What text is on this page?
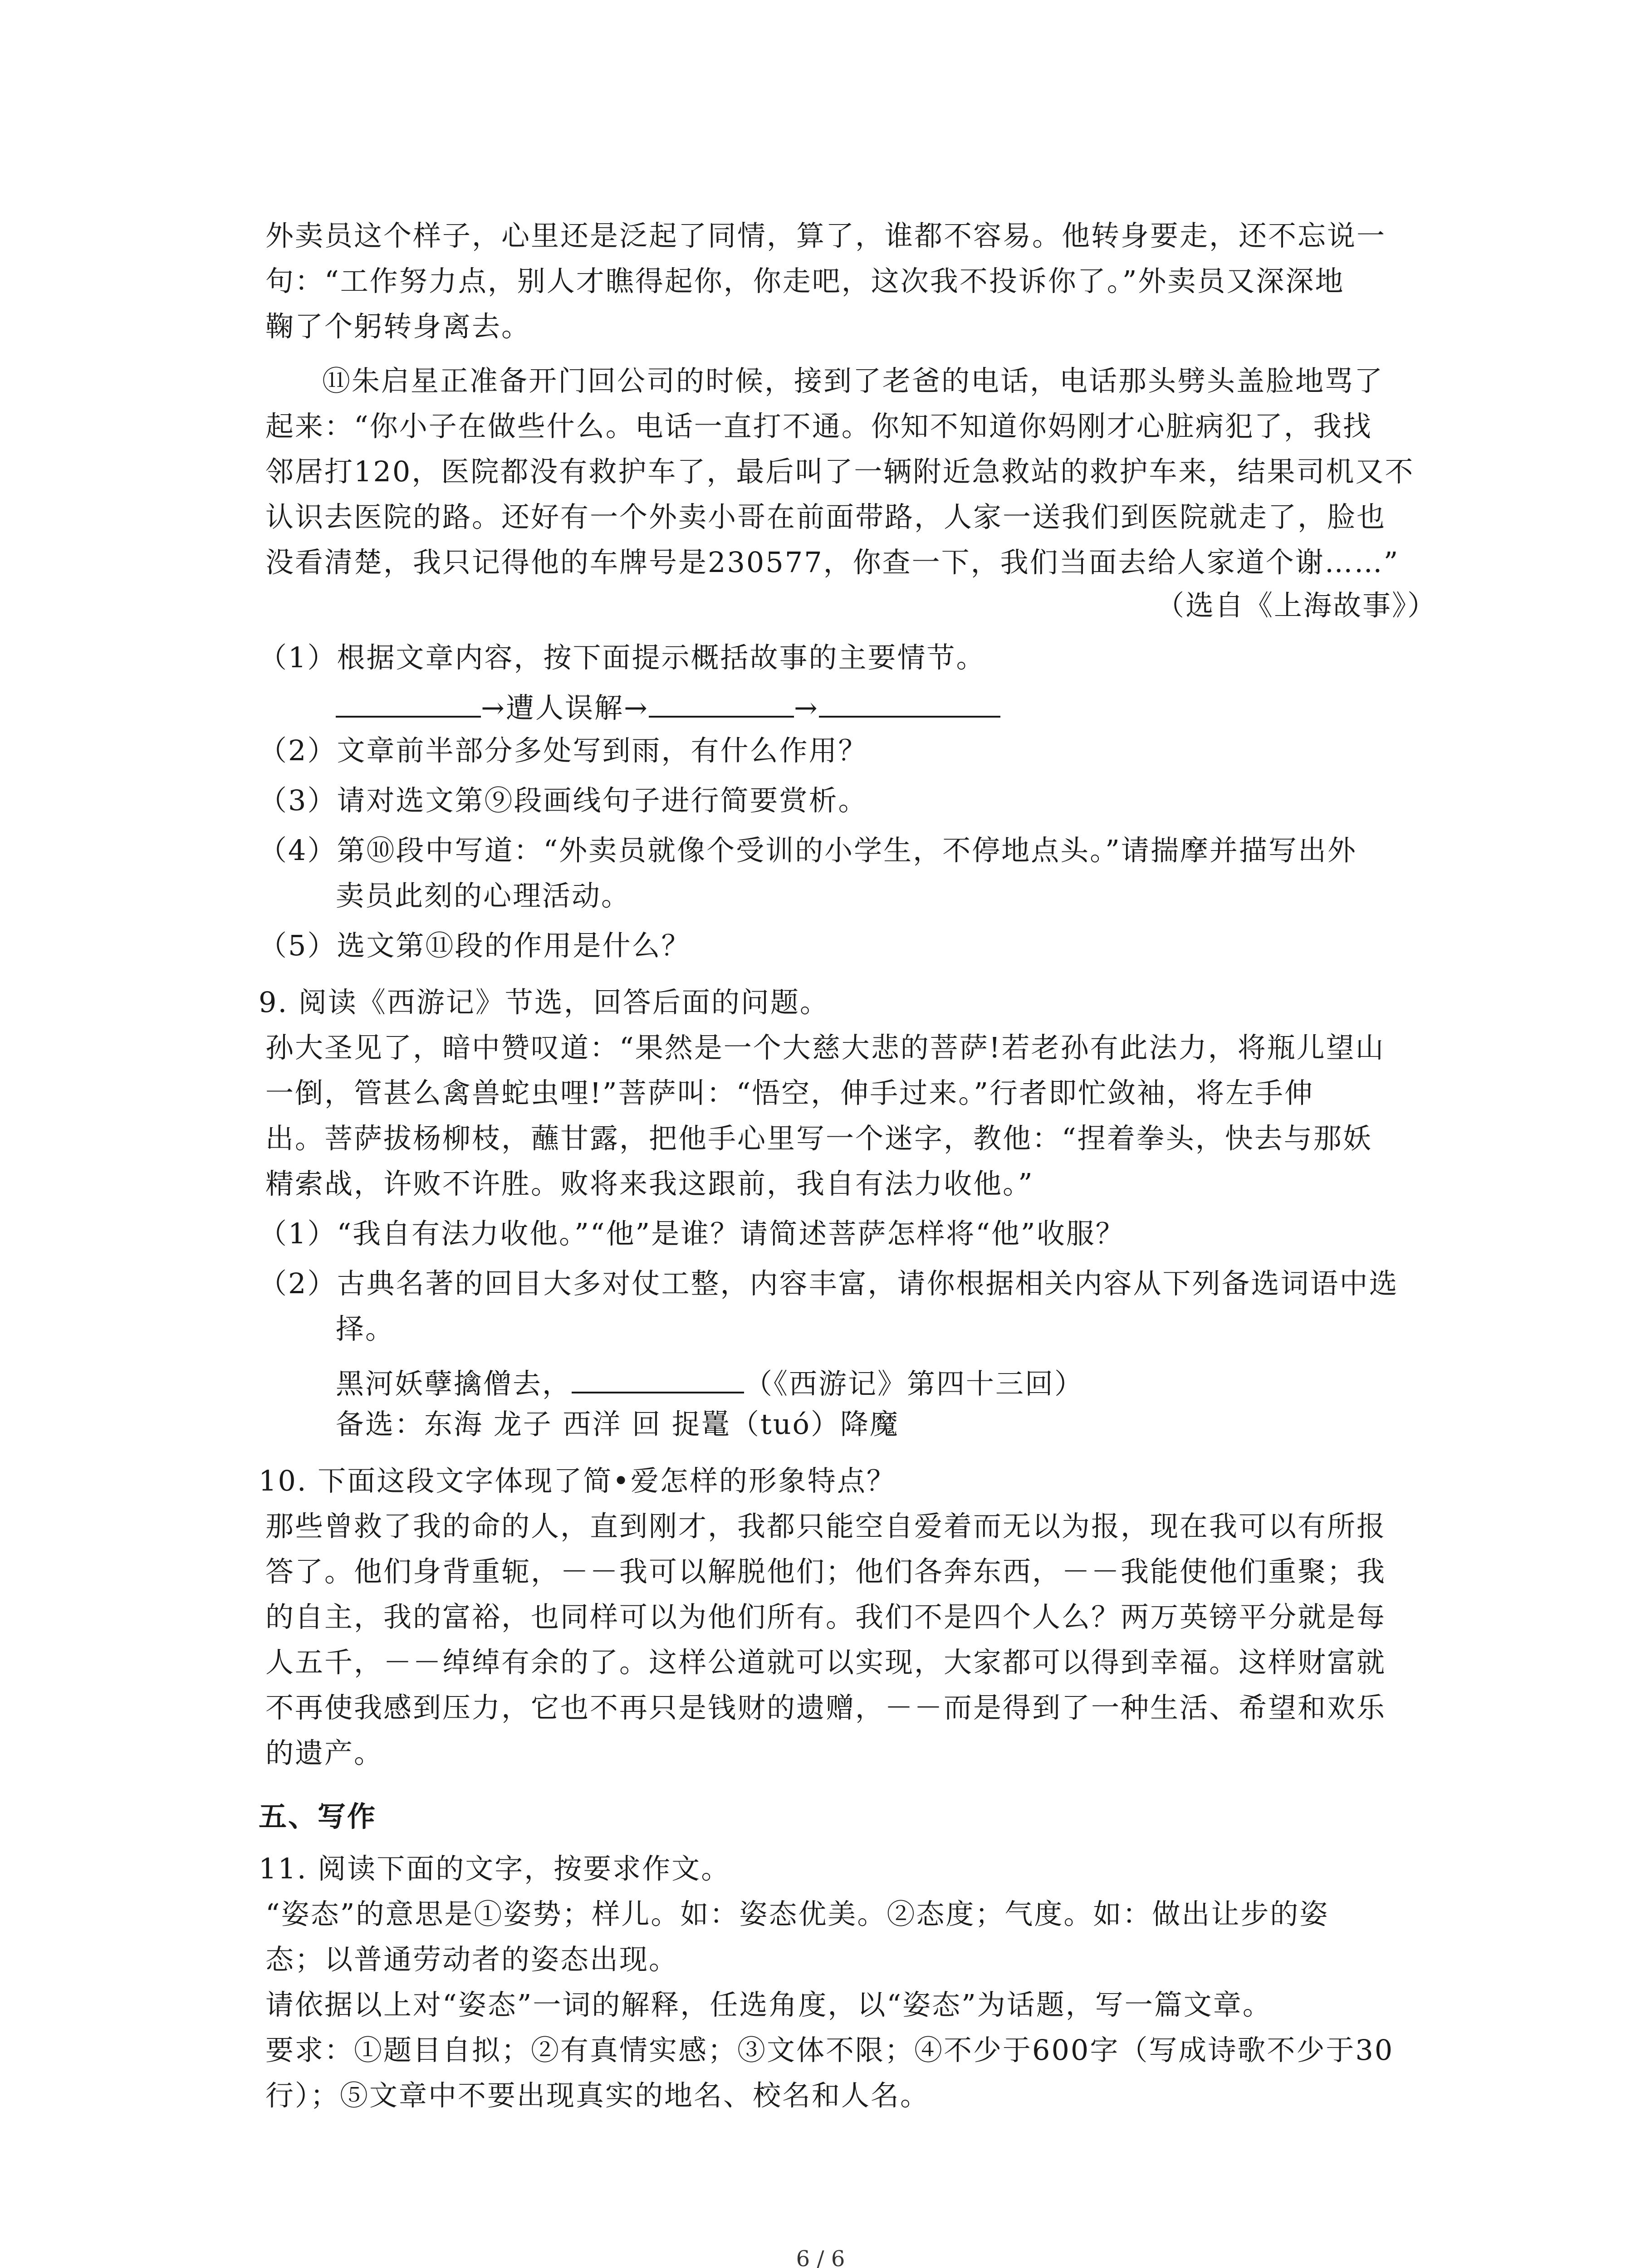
外卖员这个样子，心里还是泛起了同情，算了，谁都不容易。他转身要走，还不忘说一
句：“工作努力点，别人才瞧得起你，你走吧，这次我不投诉你了。”外卖员又深深地
鞠了个躬转身离去。
⑪朱启星正准备开门回公司的时候，接到了老爸的电话，电话那头劈头盖脸地骂了
起来：“你小子在做些什么。电话一直打不通。你知不知道你妈刚才心脏病犯了，我找
邻居打120，医院都没有救护车了，最后叫了一辆附近急救站的救护车来，结果司机又不
认识去医院的路。还好有一个外卖小哥在前面带路，人家一送我们到医院就走了，脸也
没看清楚，我只记得他的车牌号是230577，你查一下，我们当面去给人家道个谢……”
（选自《上海故事》）
（1）根据文章内容，按下面提示概括故事的主要情节。
→遭人误解→	→
（2）文章前半部分多处写到雨，有什么作用？
（3）请对选文第⑨段画线句子进行简要赏析。
（4）第⑩段中写道：“外卖员就像个受训的小学生，不停地点头。”请揣摩并描写出外
卖员此刻的心理活动。
（5）选文第⑪段的作用是什么？
9. 阅读《西游记》节选，回答后面的问题。
孙大圣见了，暗中赞叹道：“果然是一个大慈大悲的菩萨!若老孙有此法力，将瓶儿望山
一倒，管甚么禽兽蛇虫哩!”菩萨叫：“悟空，伸手过来。”行者即忙敛袖，将左手伸
出。菩萨拔杨柳枝，蘸甘露，把他手心里写一个迷字，教他：“捏着拳头，快去与那妖
精索战，许败不许胜。败将来我这跟前，我自有法力收他。”
（1）“我自有法力收他。”“他”是谁？请简述菩萨怎样将“他”收服？
（2）古典名著的回目大多对仗工整，内容丰富，请你根据相关内容从下列备选词语中选
择。
黑河妖孽擒僧去，	（《西游记》第四十三回）
备选：东海 龙子 西洋 回 捉鼍（tuó）降魔
10. 下面这段文字体现了简•爱怎样的形象特点？
那些曾救了我的命的人，直到刚才，我都只能空自爱着而无以为报，现在我可以有所报
答了。他们身背重轭，－－我可以解脱他们；他们各奔东西，－－我能使他们重聚；我
的自主，我的富裕，也同样可以为他们所有。我们不是四个人么？两万英镑平分就是每
人五千，－－绰绰有余的了。这样公道就可以实现，大家都可以得到幸福。这样财富就
不再使我感到压力，它也不再只是钱财的遗赠，－－而是得到了一种生活、希望和欢乐
的遗产。
五、写作
11. 阅读下面的文字，按要求作文。
“姿态”的意思是①姿势；样儿。如：姿态优美。②态度；气度。如：做出让步的姿
态；以普通劳动者的姿态出现。
请依据以上对“姿态”一词的解释，任选角度，以“姿态”为话题，写一篇文章。
要求：①题目自拟；②有真情实感；③文体不限；④不少于600字（写成诗歌不少于30
行）；⑤文章中不要出现真实的地名、校名和人名。
6 / 6
